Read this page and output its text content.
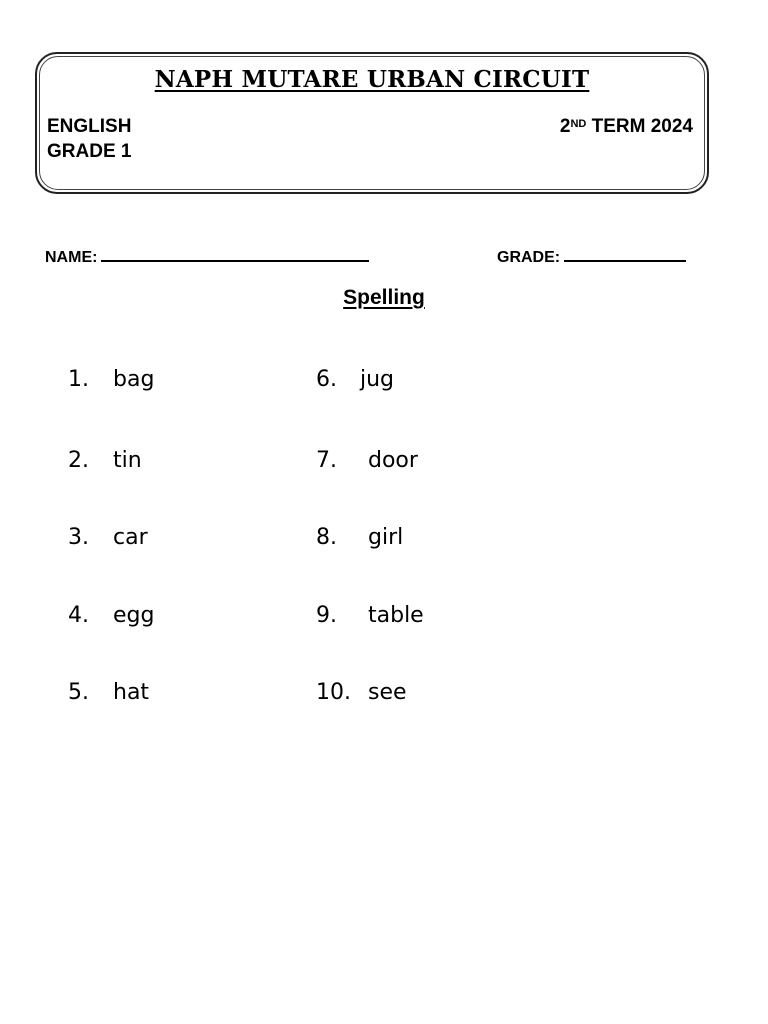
NAPH MUTARE URBAN CIRCUIT
ENGLISH
GRADE 1
2ND TERM 2024
NAME:	GRADE:
Spelling
1. bag
2. tin
3. car
4. egg
5. hat
6. jug
7. door
8. girl
9. table
10. see
